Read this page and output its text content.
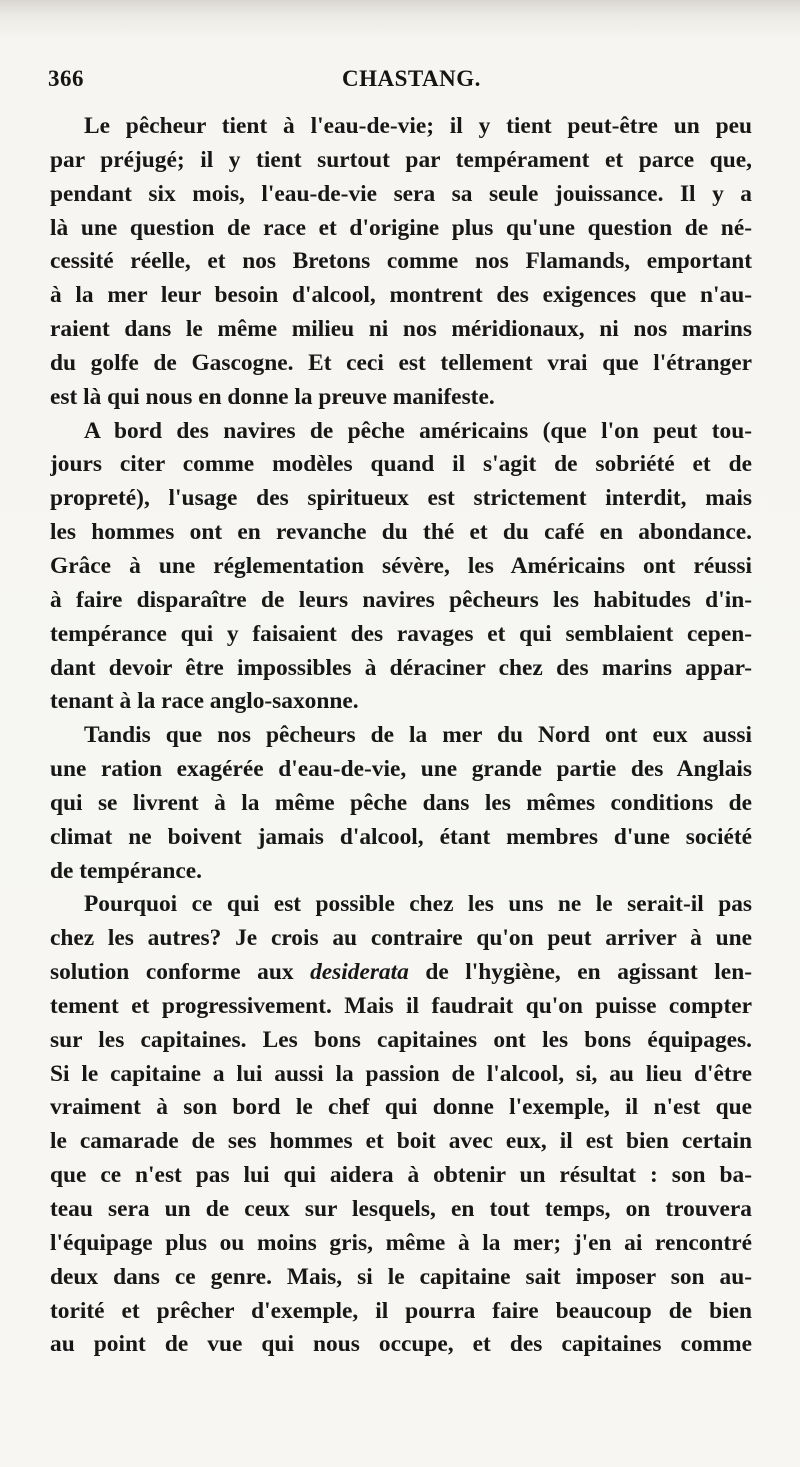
366	CHASTANG.
Le pêcheur tient à l'eau-de-vie; il y tient peut-être un peu
par préjugé; il y tient surtout par tempérament et parce que,
pendant six mois, l'eau-de-vie sera sa seule jouissance. Il y a
là une question de race et d'origine plus qu'une question de né-
cessité réelle, et nos Bretons comme nos Flamands, emportant
à la mer leur besoin d'alcool, montrent des exigences que n'au-
raient dans le même milieu ni nos méridionaux, ni nos marins
du golfe de Gascogne. Et ceci est tellement vrai que l'étranger
est là qui nous en donne la preuve manifeste.
A bord des navires de pêche américains (que l'on peut tou-
jours citer comme modèles quand il s'agit de sobriété et de
propreté), l'usage des spiritueux est strictement interdit, mais
les hommes ont en revanche du thé et du café en abondance.
Grâce à une réglementation sévère, les Américains ont réussi
à faire disparaître de leurs navires pêcheurs les habitudes d'in-
tempérance qui y faisaient des ravages et qui semblaient cepen-
dant devoir être impossibles à déraciner chez des marins appar-
tenant à la race anglo-saxonne.
Tandis que nos pêcheurs de la mer du Nord ont eux aussi
une ration exagérée d'eau-de-vie, une grande partie des Anglais
qui se livrent à la même pêche dans les mêmes conditions de
climat ne boivent jamais d'alcool, étant membres d'une société
de tempérance.
Pourquoi ce qui est possible chez les uns ne le serait-il pas
chez les autres? Je crois au contraire qu'on peut arriver à une
solution conforme aux desiderata de l'hygiène, en agissant len-
tement et progressivement. Mais il faudrait qu'on puisse compter
sur les capitaines. Les bons capitaines ont les bons équipages.
Si le capitaine a lui aussi la passion de l'alcool, si, au lieu d'être
vraiment à son bord le chef qui donne l'exemple, il n'est que
le camarade de ses hommes et boit avec eux, il est bien certain
que ce n'est pas lui qui aidera à obtenir un résultat : son ba-
teau sera un de ceux sur lesquels, en tout temps, on trouvera
l'équipage plus ou moins gris, même à la mer; j'en ai rencontré
deux dans ce genre. Mais, si le capitaine sait imposer son au-
torité et prêcher d'exemple, il pourra faire beaucoup de bien
au point de vue qui nous occupe, et des capitaines comme
